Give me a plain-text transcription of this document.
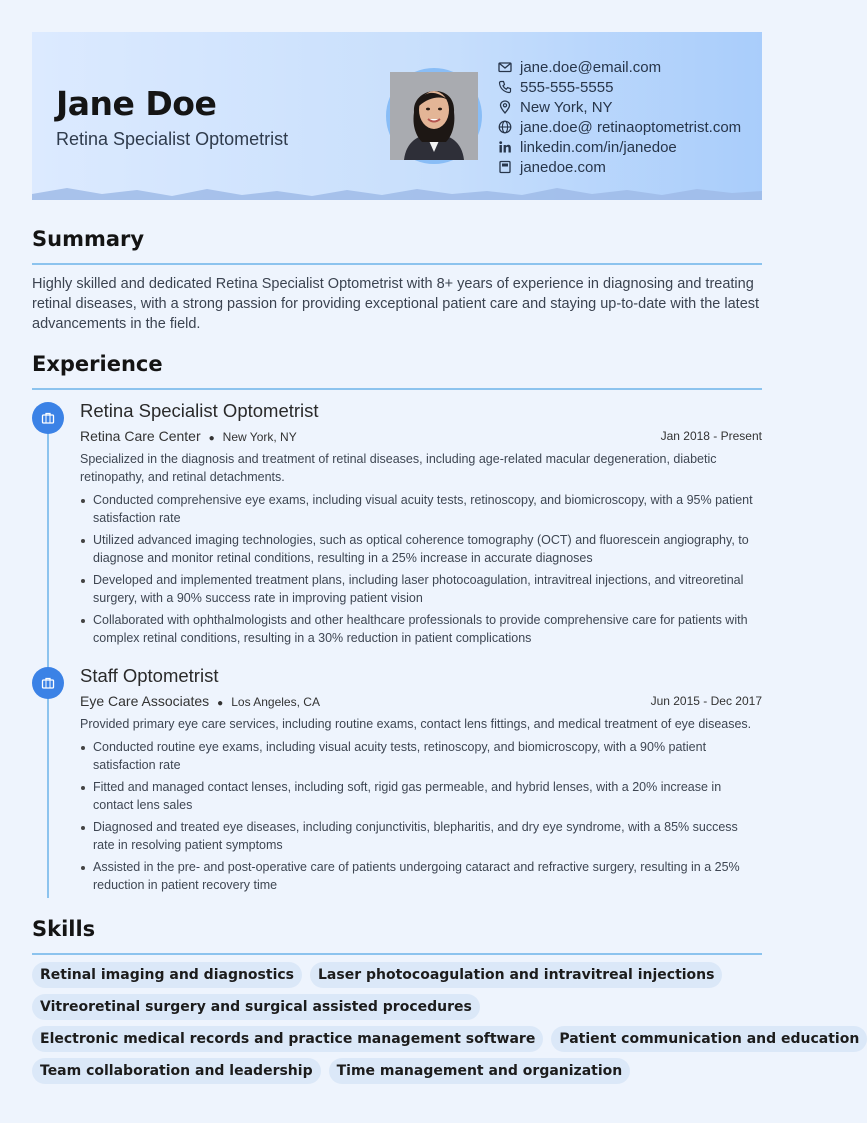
Jane Doe
Retina Specialist Optometrist
jane.doe@email.com
555-555-5555
New York, NY
jane.doe@ retinaoptometrist.com
linkedin.com/in/janedoe
janedoe.com
Summary
Highly skilled and dedicated Retina Specialist Optometrist with 8+ years of experience in diagnosing and treating retinal diseases, with a strong passion for providing exceptional patient care and staying up-to-date with the latest advancements in the field.
Experience
Retina Specialist Optometrist
Retina Care Center ● New York, NY	Jan 2018 - Present
Specialized in the diagnosis and treatment of retinal diseases, including age-related macular degeneration, diabetic retinopathy, and retinal detachments.
Conducted comprehensive eye exams, including visual acuity tests, retinoscopy, and biomicroscopy, with a 95% patient satisfaction rate
Utilized advanced imaging technologies, such as optical coherence tomography (OCT) and fluorescein angiography, to diagnose and monitor retinal conditions, resulting in a 25% increase in accurate diagnoses
Developed and implemented treatment plans, including laser photocoagulation, intravitreal injections, and vitreoretinal surgery, with a 90% success rate in improving patient vision
Collaborated with ophthalmologists and other healthcare professionals to provide comprehensive care for patients with complex retinal conditions, resulting in a 30% reduction in patient complications
Staff Optometrist
Eye Care Associates ● Los Angeles, CA	Jun 2015 - Dec 2017
Provided primary eye care services, including routine exams, contact lens fittings, and medical treatment of eye diseases.
Conducted routine eye exams, including visual acuity tests, retinoscopy, and biomicroscopy, with a 90% patient satisfaction rate
Fitted and managed contact lenses, including soft, rigid gas permeable, and hybrid lenses, with a 20% increase in contact lens sales
Diagnosed and treated eye diseases, including conjunctivitis, blepharitis, and dry eye syndrome, with a 85% success rate in resolving patient symptoms
Assisted in the pre- and post-operative care of patients undergoing cataract and refractive surgery, resulting in a 25% reduction in patient recovery time
Skills
Retinal imaging and diagnostics	Laser photocoagulation and intravitreal injections
Vitreoretinal surgery and surgical assisted procedures
Electronic medical records and practice management software	Patient communication and education
Team collaboration and leadership	Time management and organization
